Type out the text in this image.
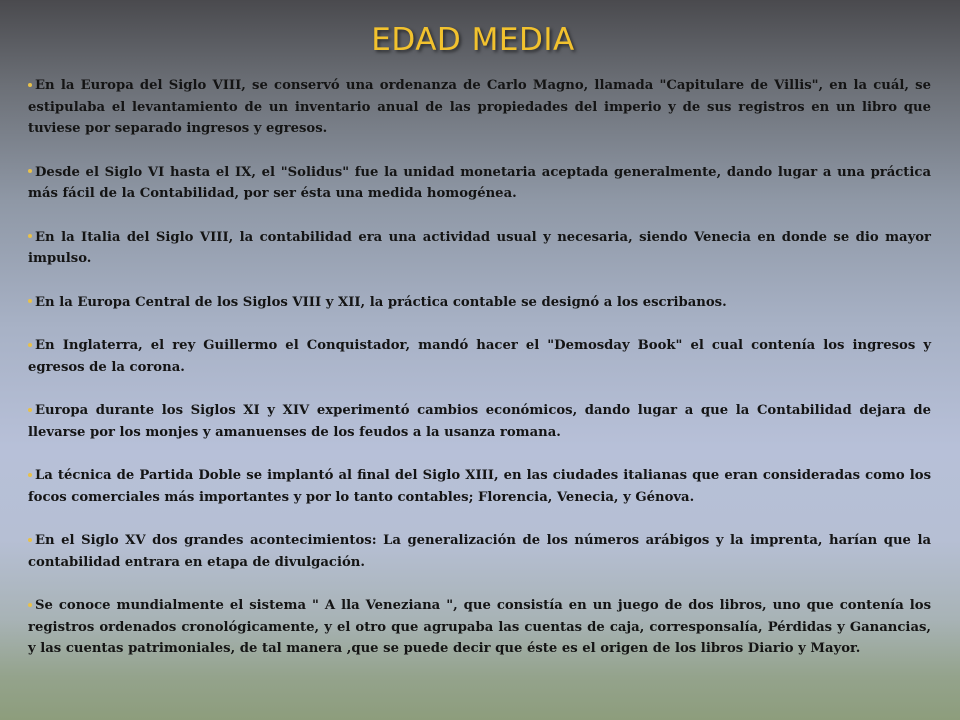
EDAD MEDIA

En la Europa del Siglo VIII, se conservó una ordenanza de Carlo Magno, llamada "Capitulare de Villis", en la cuál, se estipulaba el levantamiento de un inventario anual de las propiedades del imperio y de sus registros en un libro que tuviese por separado ingresos y egresos.

Desde el Siglo VI hasta el IX, el "Solidus" fue la unidad monetaria aceptada generalmente, dando lugar a una práctica más fácil de la Contabilidad, por ser ésta una medida homogénea.

En la Italia del Siglo VIII, la contabilidad era una actividad usual y necesaria, siendo Venecia en donde se dio mayor impulso.

En la Europa Central de los Siglos VIII y XII, la práctica contable se designó a los escribanos.

En Inglaterra, el rey Guillermo el Conquistador, mandó hacer el "Demosday Book" el cual contenía los ingresos y egresos de la corona.

Europa durante los Siglos XI y XIV experimentó cambios económicos, dando lugar a que la Contabilidad dejara de llevarse por los monjes y amanuenses de los feudos a la usanza romana.

La técnica de Partida Doble se implantó al final del Siglo XIII, en las ciudades italianas que eran consideradas como los focos comerciales más importantes y por lo tanto contables; Florencia, Venecia, y Génova.

En el Siglo XV dos grandes acontecimientos: La generalización de los números arábigos y la imprenta, harían que la contabilidad entrara en etapa de divulgación.

Se conoce mundialmente el sistema " A lla Veneziana ", que consistía en un juego de dos libros, uno que contenía los registros ordenados cronológicamente, y el otro que agrupaba las cuentas de caja, corresponsalía, Pérdidas y Ganancias, y las cuentas patrimoniales, de tal manera ,que se puede decir que éste es el origen de los libros Diario y Mayor.
